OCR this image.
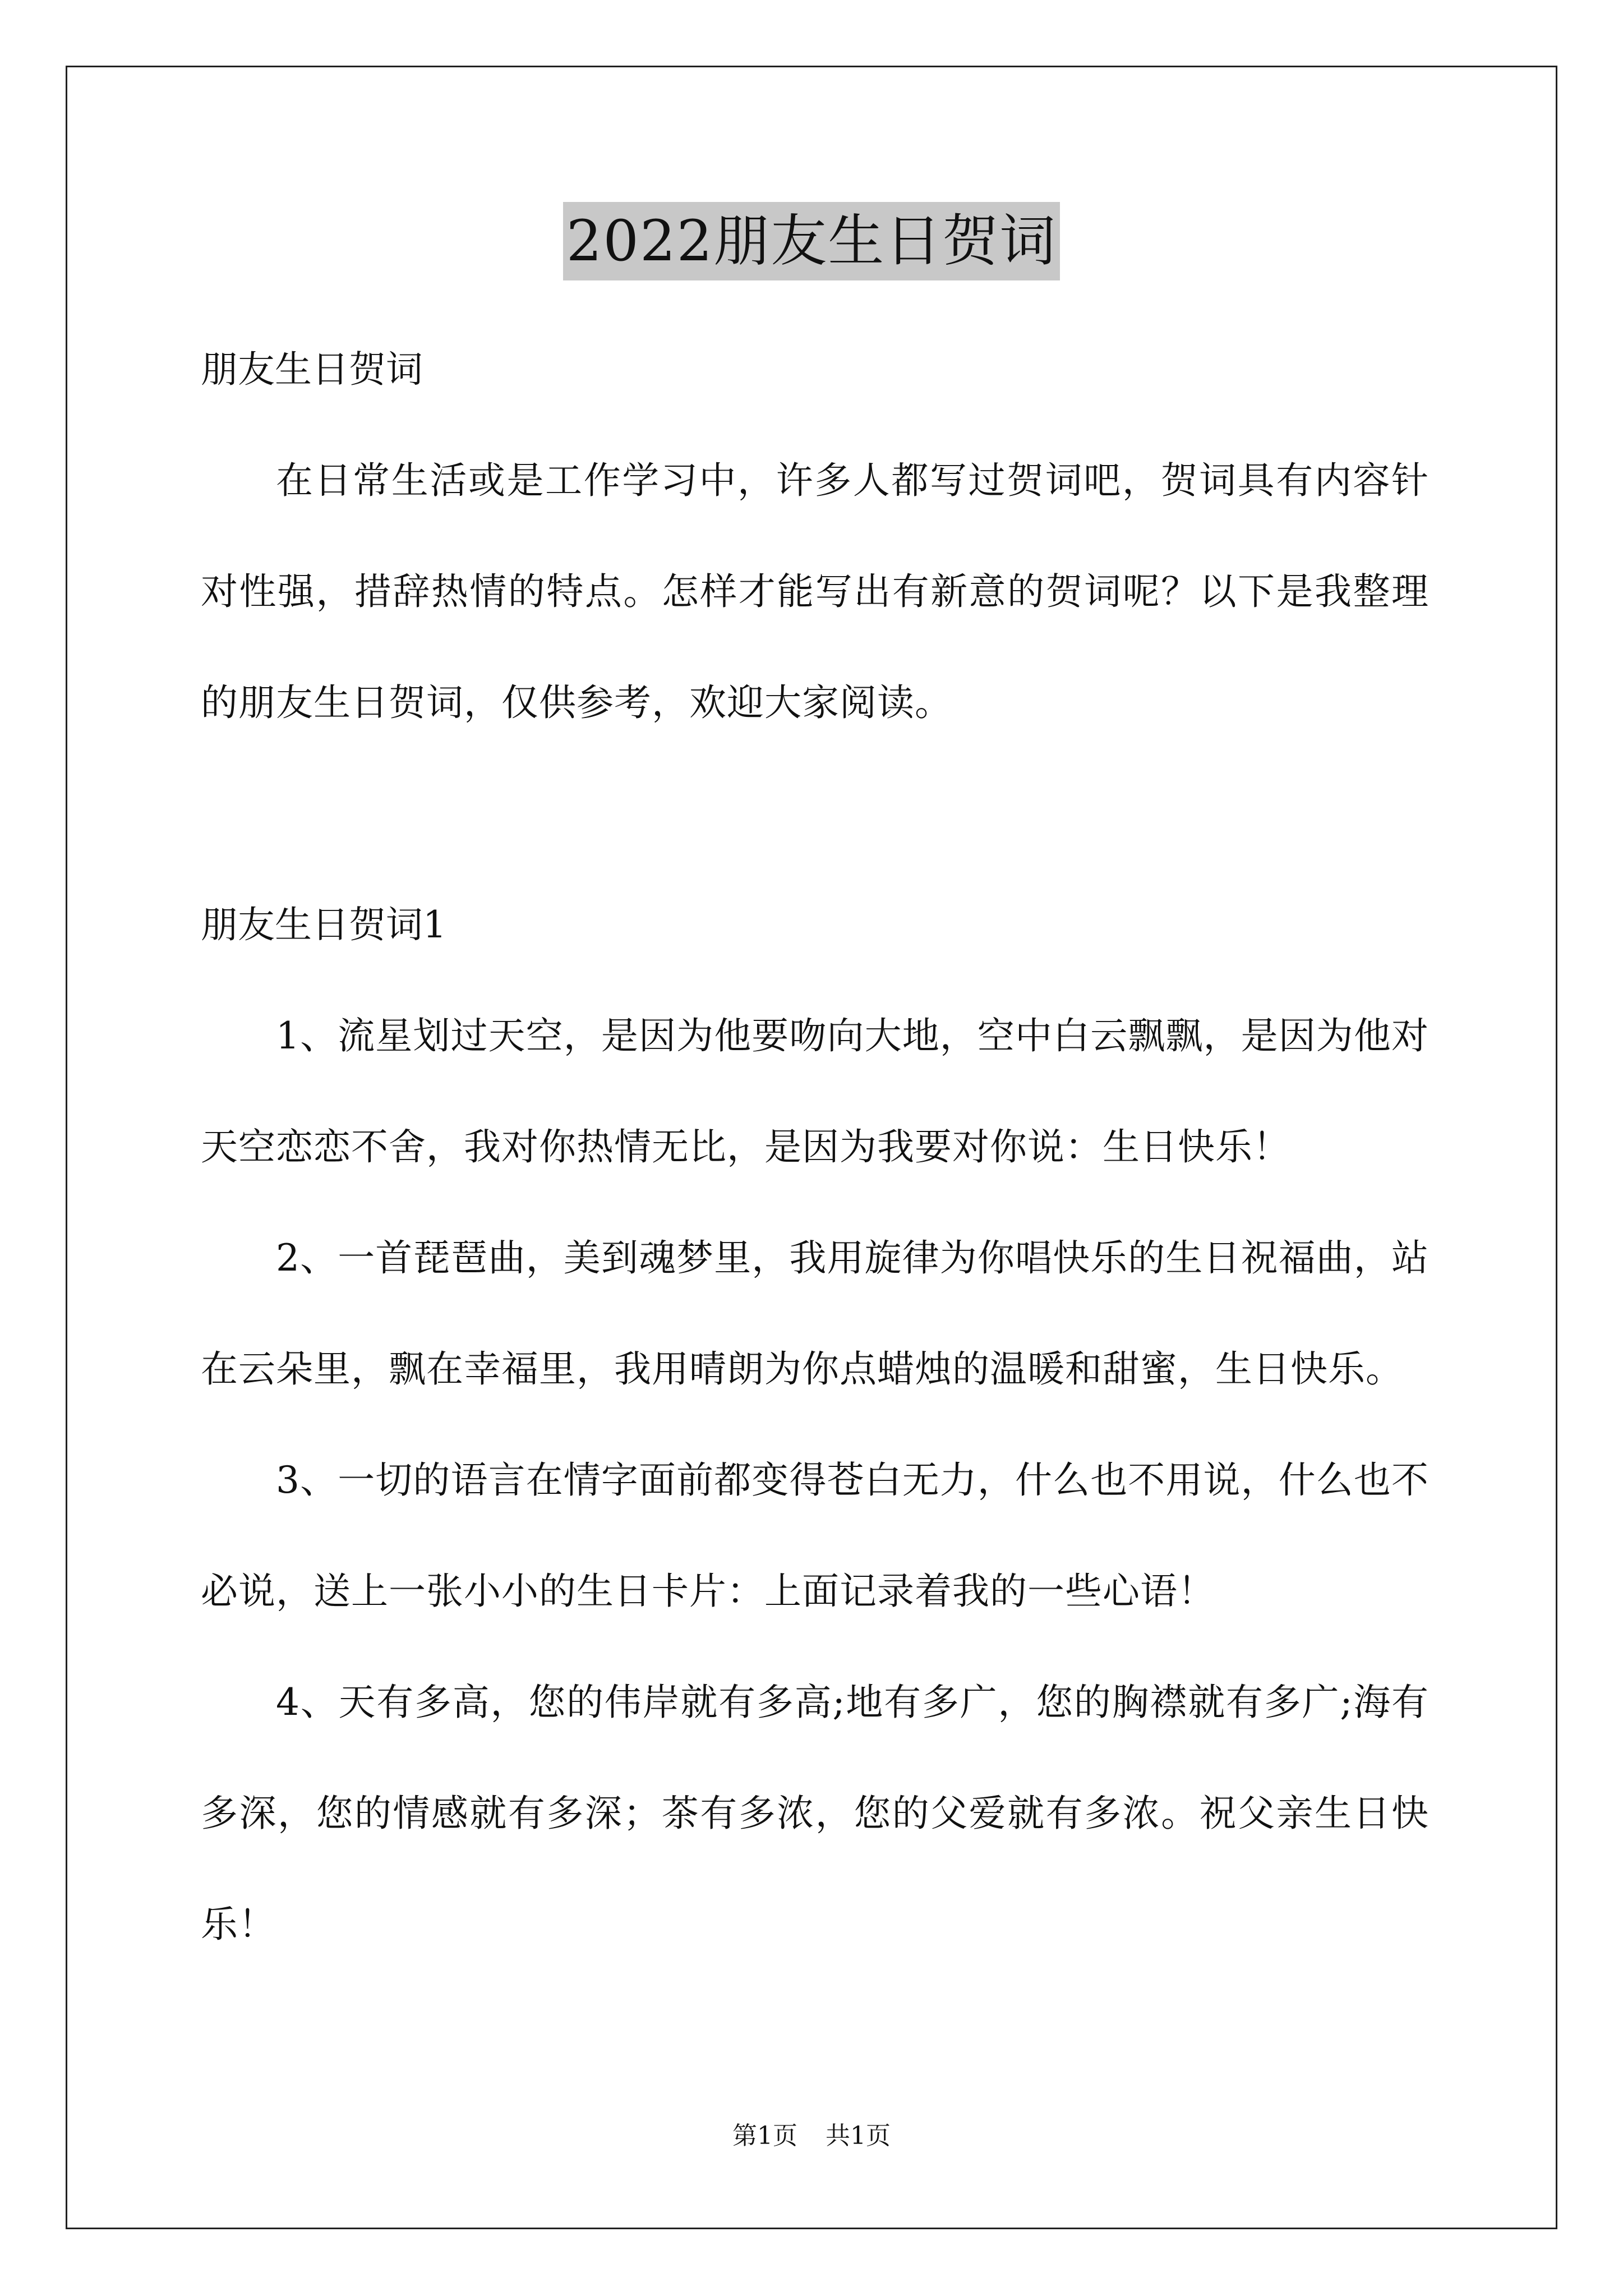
2022朋友生日贺词

朋友生日贺词

在日常生活或是工作学习中，许多人都写过贺词吧，贺词具有内容针对性强，措辞热情的特点。怎样才能写出有新意的贺词呢？以下是我整理的朋友生日贺词，仅供参考，欢迎大家阅读。

朋友生日贺词1

1、流星划过天空，是因为他要吻向大地，空中白云飘飘，是因为他对天空恋恋不舍，我对你热情无比，是因为我要对你说：生日快乐！

2、一首琵琶曲，美到魂梦里，我用旋律为你唱快乐的生日祝福曲，站在云朵里，飘在幸福里，我用晴朗为你点蜡烛的温暖和甜蜜，生日快乐。

3、一切的语言在情字面前都变得苍白无力，什么也不用说，什么也不必说，送上一张小小的生日卡片：上面记录着我的一些心语！

4、天有多高，您的伟岸就有多高;地有多广，您的胸襟就有多广;海有多深，您的情感就有多深；茶有多浓，您的父爱就有多浓。祝父亲生日快乐！

第1页 共1页
